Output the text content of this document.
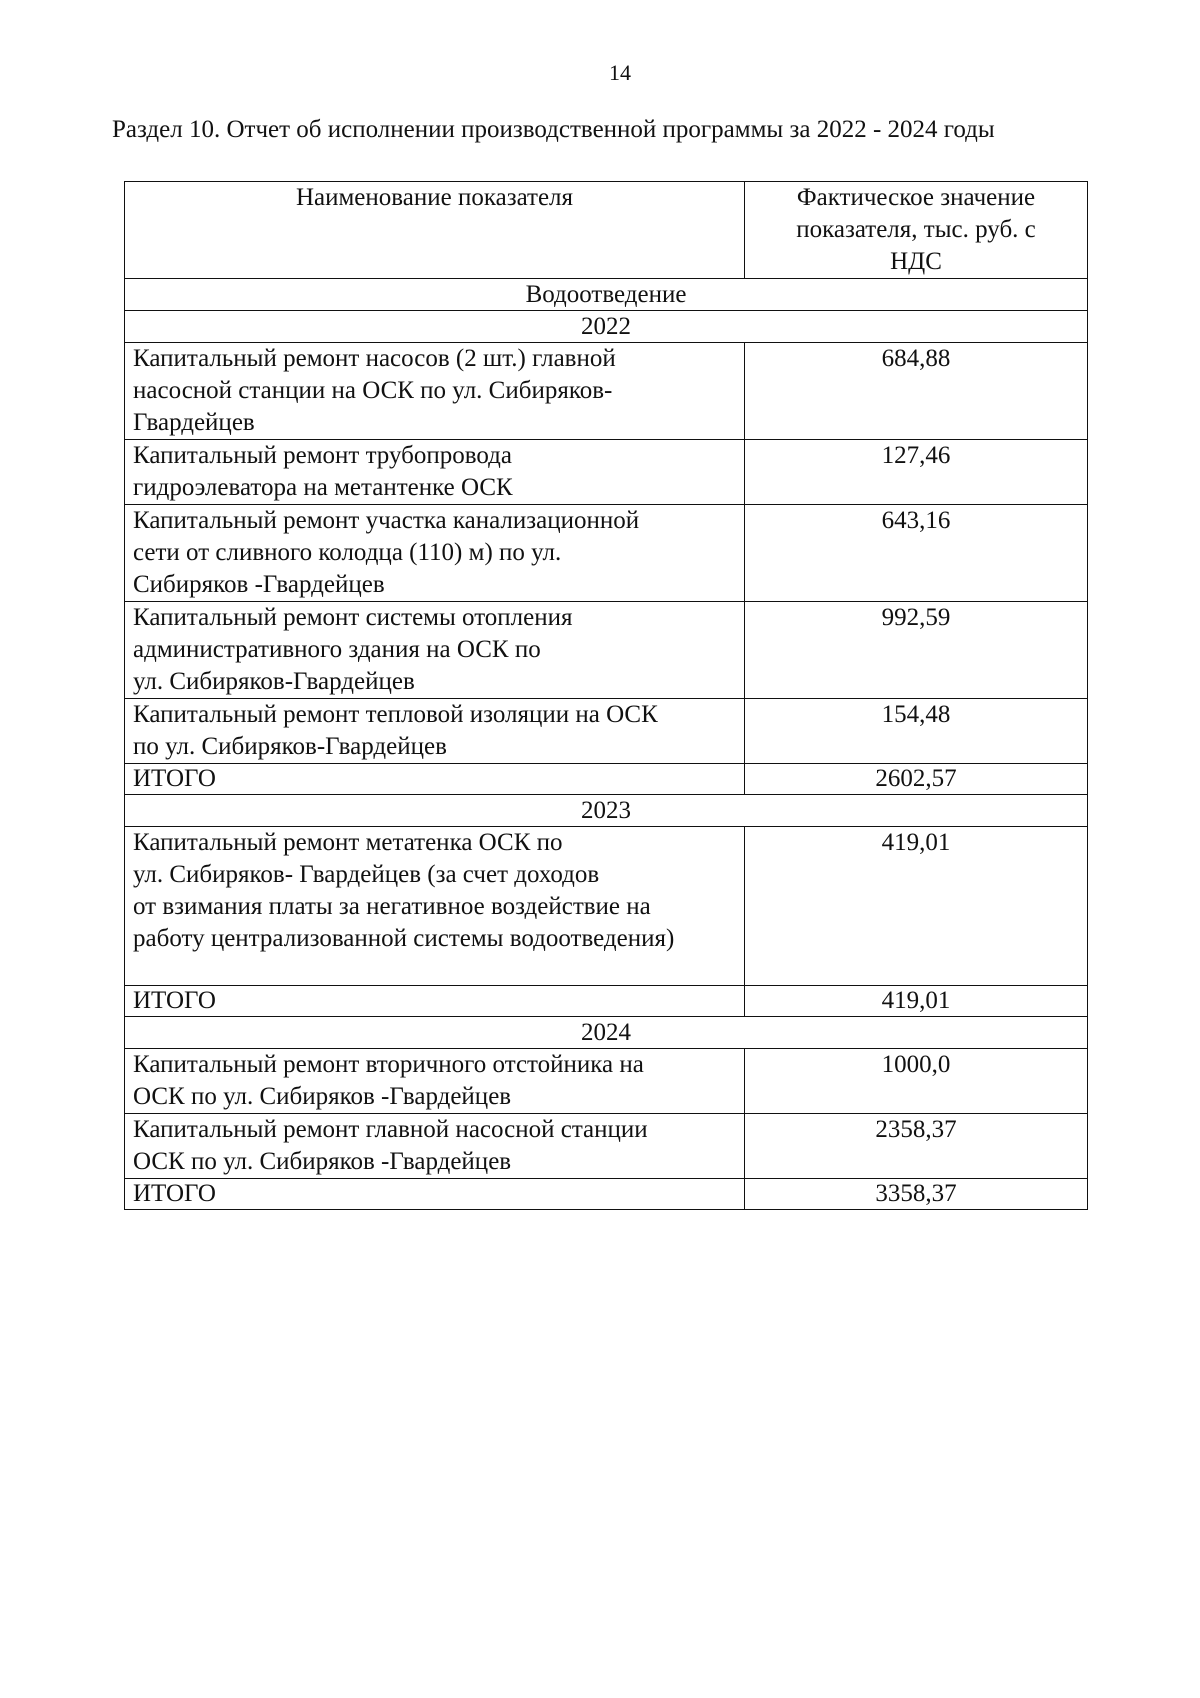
14
Раздел 10. Отчет об исполнении производственной программы за 2022 - 2024 годы
Наименование показателя	Фактическое значение
показателя, тыс. руб. с
НДС
Водоотведение	
2022	
Капитальный ремонт насосов (2 шт.) главной
насосной станции на ОСК по ул. Сибиряков-
Гвардейцев	684,88
Капитальный ремонт трубопровода
гидроэлеватора на метантенке ОСК	127,46
Капитальный ремонт участка канализационной
сети от сливного колодца (110) м) по ул.
Сибиряков -Гвардейцев	643,16
Капитальный ремонт системы отопления
административного здания на ОСК по
ул. Сибиряков-Гвардейцев	992,59
Капитальный ремонт тепловой изоляции на ОСК
по ул. Сибиряков-Гвардейцев	154,48
ИТОГО	2602,57
2023	
Капитальный ремонт метатенка ОСК по
ул. Сибиряков- Гвардейцев (за счет доходов
от взимания платы за негативное воздействие на
работу централизованной системы водоотведения)	419,01
ИТОГО	419,01
2024	
Капитальный ремонт вторичного отстойника на
ОСК по ул. Сибиряков -Гвардейцев	1000,0
Капитальный ремонт главной насосной станции
ОСК по ул. Сибиряков -Гвардейцев	2358,37
ИТОГО	3358,37
